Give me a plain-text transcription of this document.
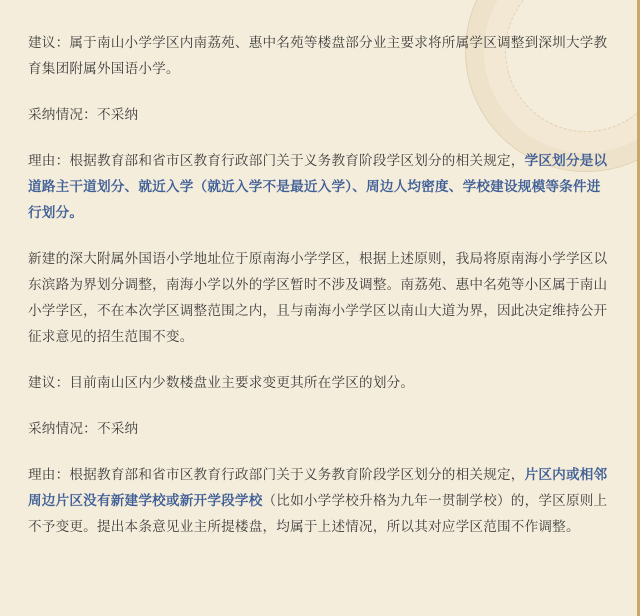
建议：属于南山小学学区内南荔苑、惠中名苑等楼盘部分业主要求将所属学区调整到深圳大学教育集团附属外国语小学。

采纳情况：不采纳

理由：根据教育部和省市区教育行政部门关于义务教育阶段学区划分的相关规定，学区划分是以道路主干道划分、就近入学（就近入学不是最近入学）、周边人均密度、学校建设规模等条件进行划分。

新建的深大附属外国语小学地址位于原南海小学学区，根据上述原则，我局将原南海小学学区以东滨路为界划分调整，南海小学以外的学区暂时不涉及调整。南荔苑、惠中名苑等小区属于南山小学学区，不在本次学区调整范围之内，且与南海小学学区以南山大道为界，因此决定维持公开征求意见的招生范围不变。

建议：目前南山区内少数楼盘业主要求变更其所在学区的划分。

采纳情况：不采纳

理由：根据教育部和省市区教育行政部门关于义务教育阶段学区划分的相关规定，片区内或相邻周边片区没有新建学校或新开学段学校（比如小学学校升格为九年一贯制学校）的，学区原则上不予变更。提出本条意见业主所提楼盘，均属于上述情况，所以其对应学区范围不作调整。
